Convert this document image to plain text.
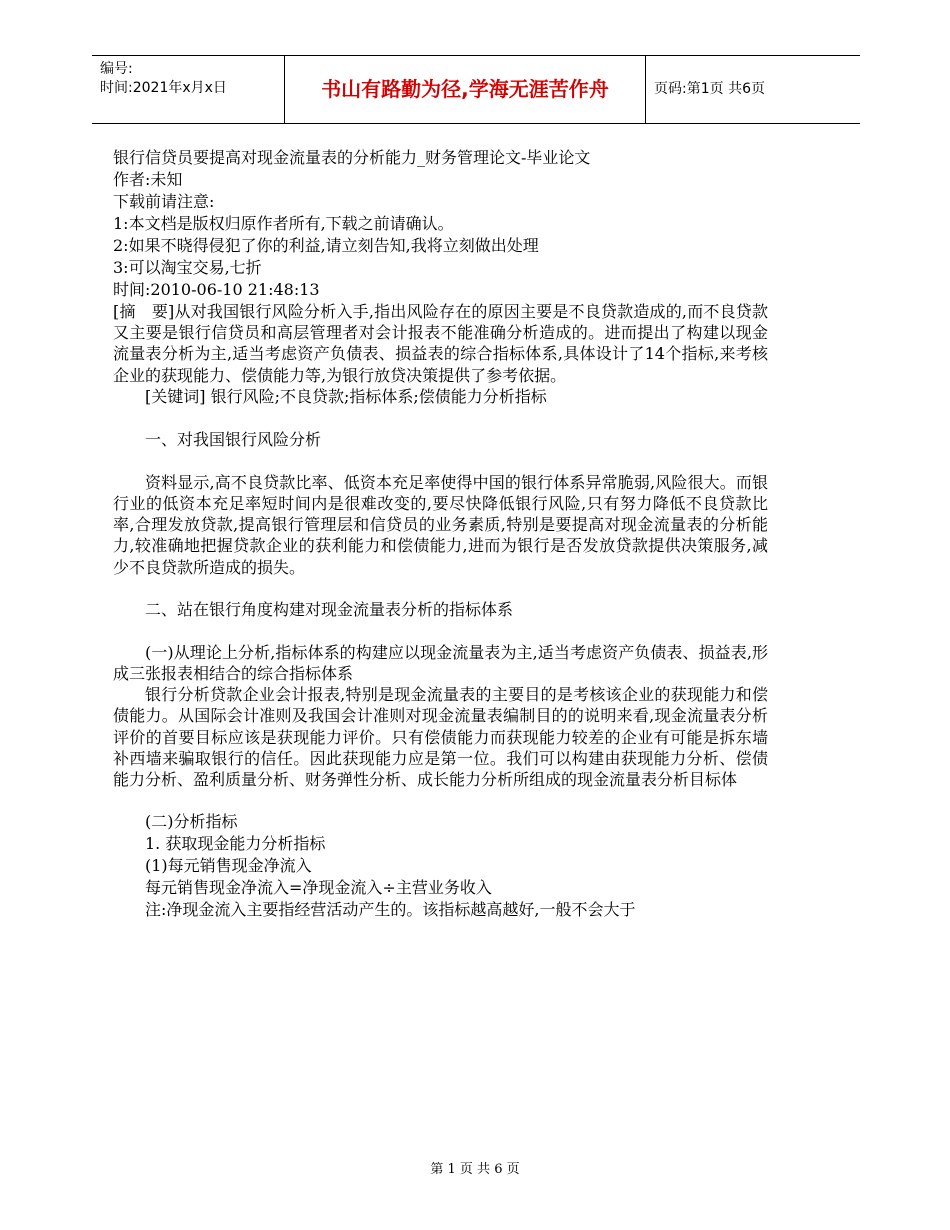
编号:
时间:2021年x月x日	书山有路勤为径,学海无涯苦作舟	页码:第1页 共6页
银行信贷员要提高对现金流量表的分析能力_财务管理论文-毕业论文
作者:未知
下载前请注意:
1:本文档是版权归原作者所有,下载之前请确认。
2:如果不晓得侵犯了你的利益,请立刻告知,我将立刻做出处理
3:可以淘宝交易,七折
时间:2010-06-10 21:48:13
[摘　要]从对我国银行风险分析入手,指出风险存在的原因主要是不良贷款造成的,而不良贷款又主要是银行信贷员和高层管理者对会计报表不能准确分析造成的。进而提出了构建以现金流量表分析为主,适当考虑资产负债表、损益表的综合指标体系,具体设计了14个指标,来考核企业的获现能力、偿债能力等,为银行放贷决策提供了参考依据。
[关键词] 银行风险;不良贷款;指标体系;偿债能力分析指标
一、对我国银行风险分析
资料显示,高不良贷款比率、低资本充足率使得中国的银行体系异常脆弱,风险很大。而银行业的低资本充足率短时间内是很难改变的,要尽快降低银行风险,只有努力降低不良贷款比率,合理发放贷款,提高银行管理层和信贷员的业务素质,特别是要提高对现金流量表的分析能力,较准确地把握贷款企业的获利能力和偿债能力,进而为银行是否发放贷款提供决策服务,减少不良贷款所造成的损失。
二、站在银行角度构建对现金流量表分析的指标体系
(一)从理论上分析,指标体系的构建应以现金流量表为主,适当考虑资产负债表、损益表,形成三张报表相结合的综合指标体系
银行分析贷款企业会计报表,特别是现金流量表的主要目的是考核该企业的获现能力和偿债能力。从国际会计准则及我国会计准则对现金流量表编制目的的说明来看,现金流量表分析评价的首要目标应该是获现能力评价。只有偿债能力而获现能力较差的企业有可能是拆东墙补西墙来骗取银行的信任。因此获现能力应是第一位。我们可以构建由获现能力分析、偿债能力分析、盈利质量分析、财务弹性分析、成长能力分析所组成的现金流量表分析目标体
(二)分析指标
1. 获取现金能力分析指标
(1)每元销售现金净流入
每元销售现金净流入=净现金流入÷主营业务收入
注:净现金流入主要指经营活动产生的。该指标越高越好,一般不会大于
第 1 页 共 6 页
